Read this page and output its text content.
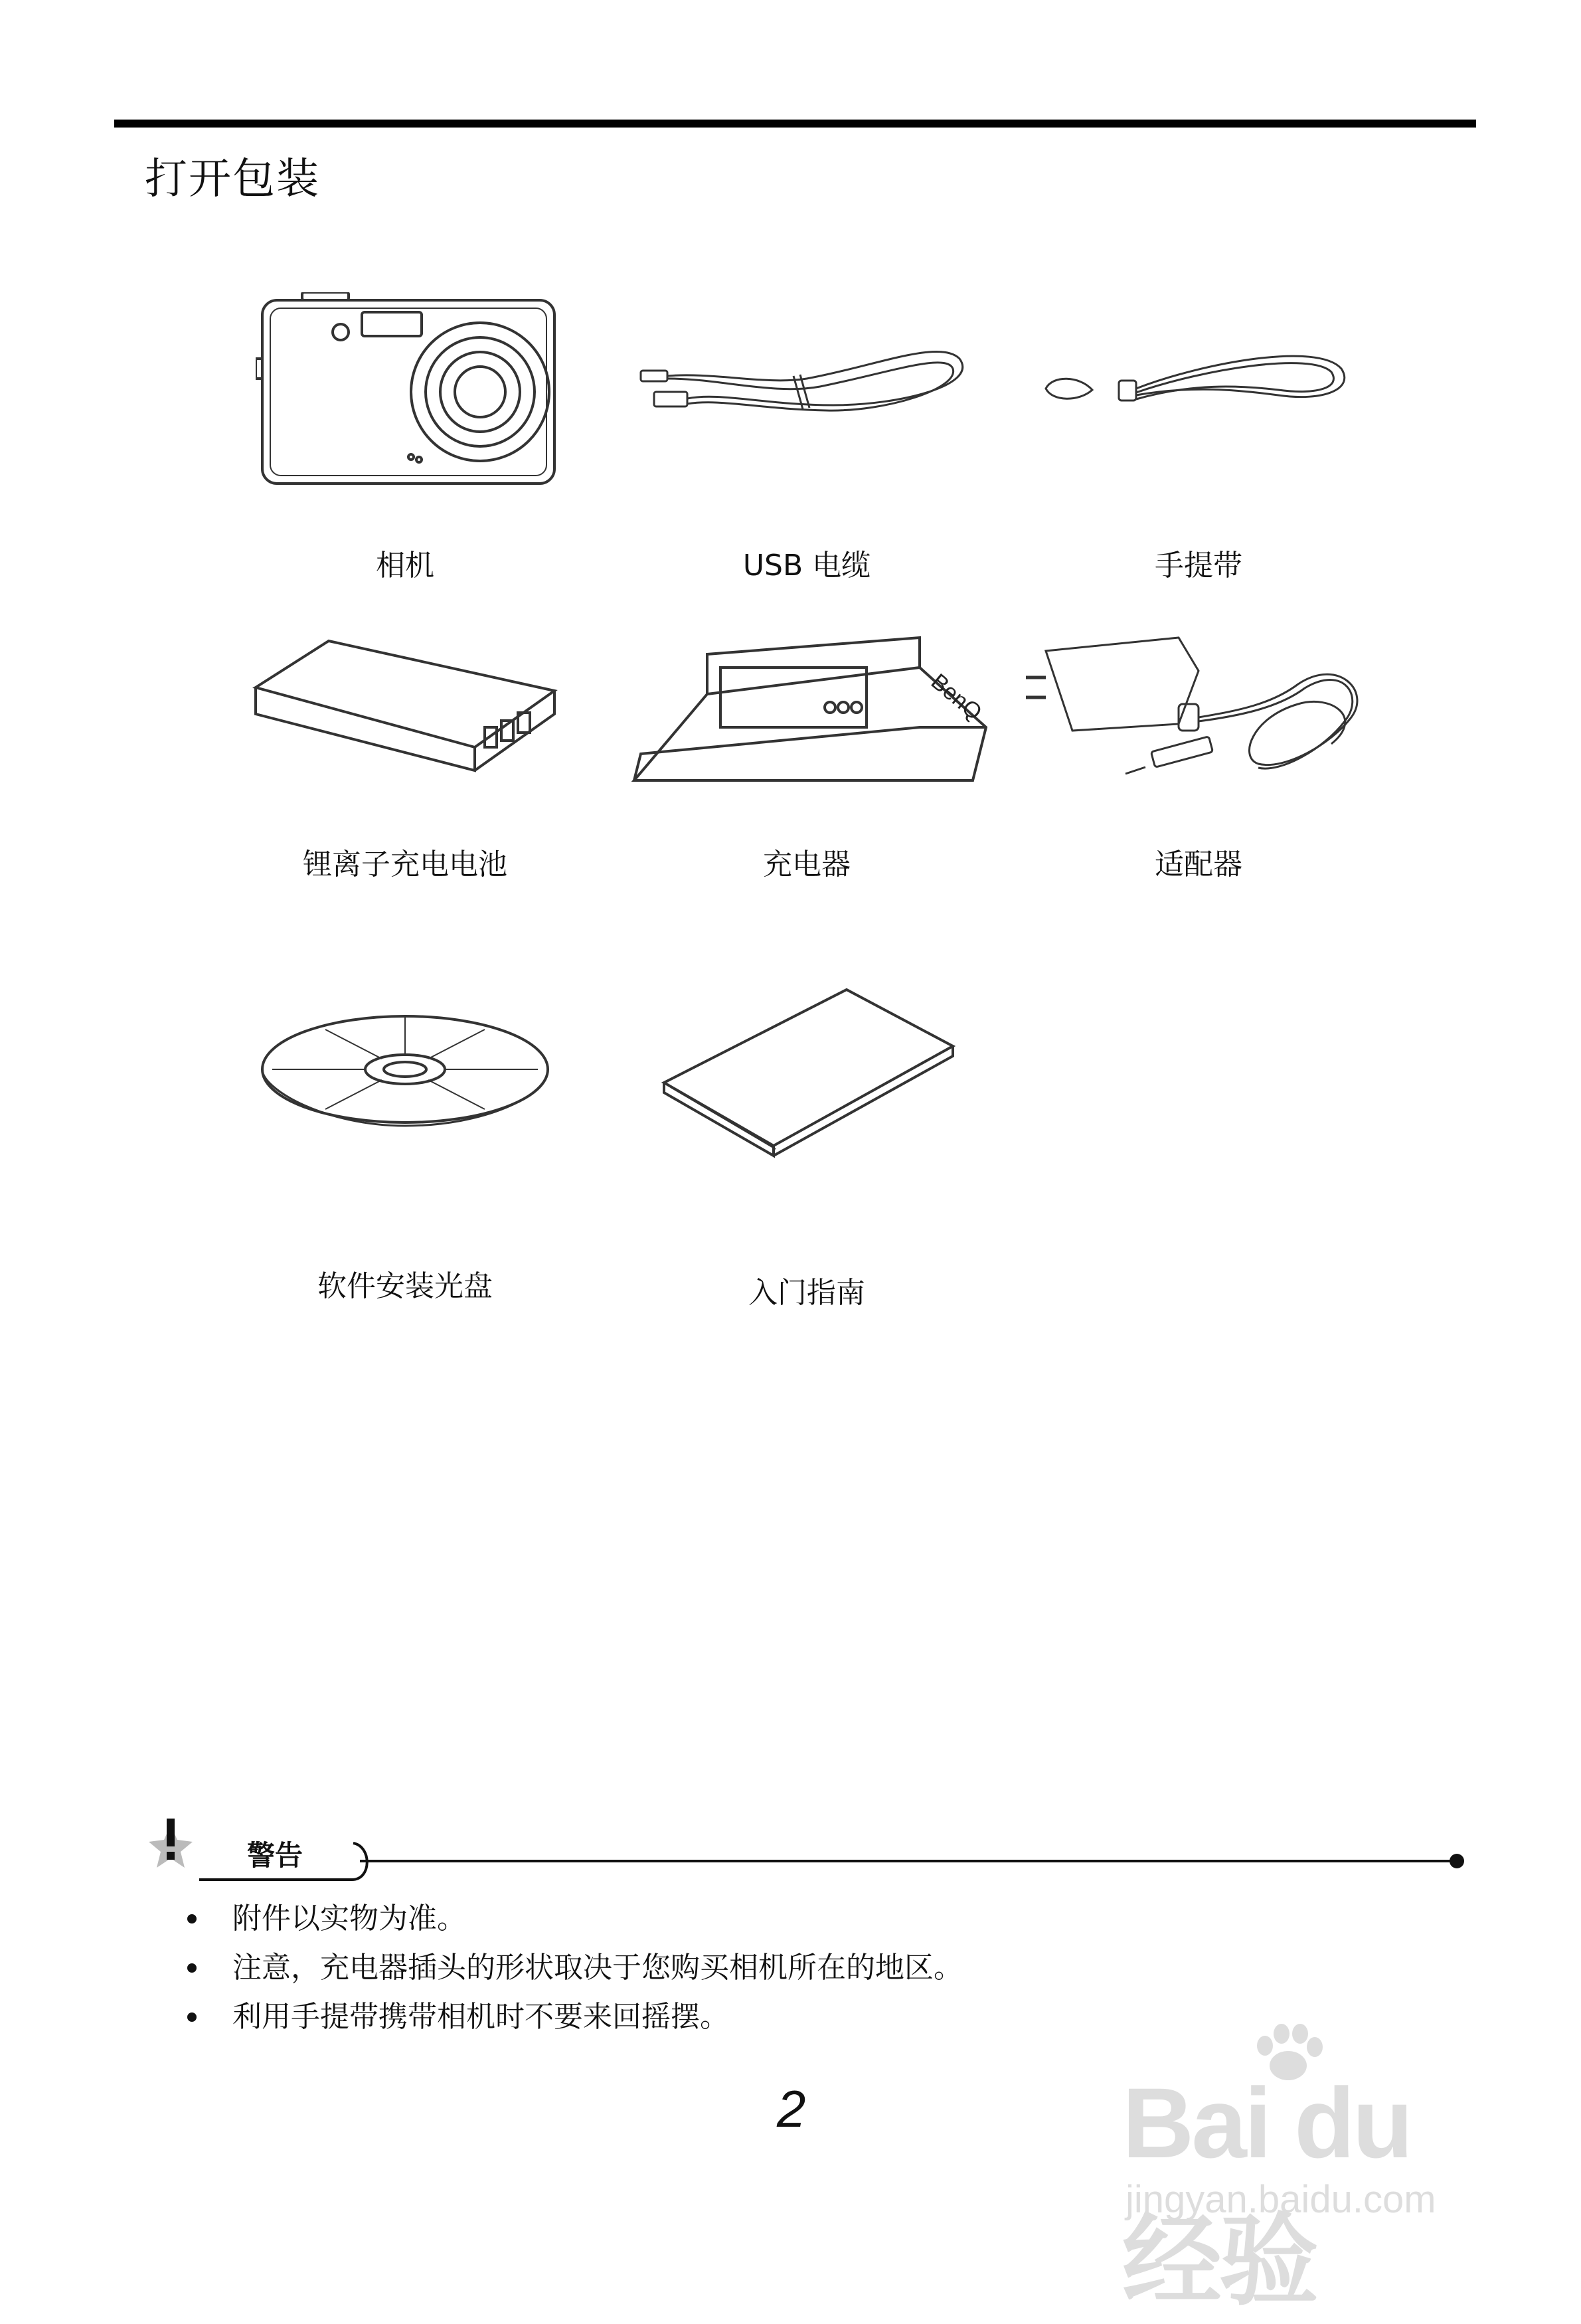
打开包装
相机	USB 电缆	手提带
锂离子充电电池
BenQ
充电器	适配器
软件安装光盘	入门指南
警告
附件以实物为准。
注意，充电器插头的形状取决于您购买相机所在的地区。
利用手提带携带相机时不要来回摇摆。
2	Bai du 经验
jingyan.baidu.com
